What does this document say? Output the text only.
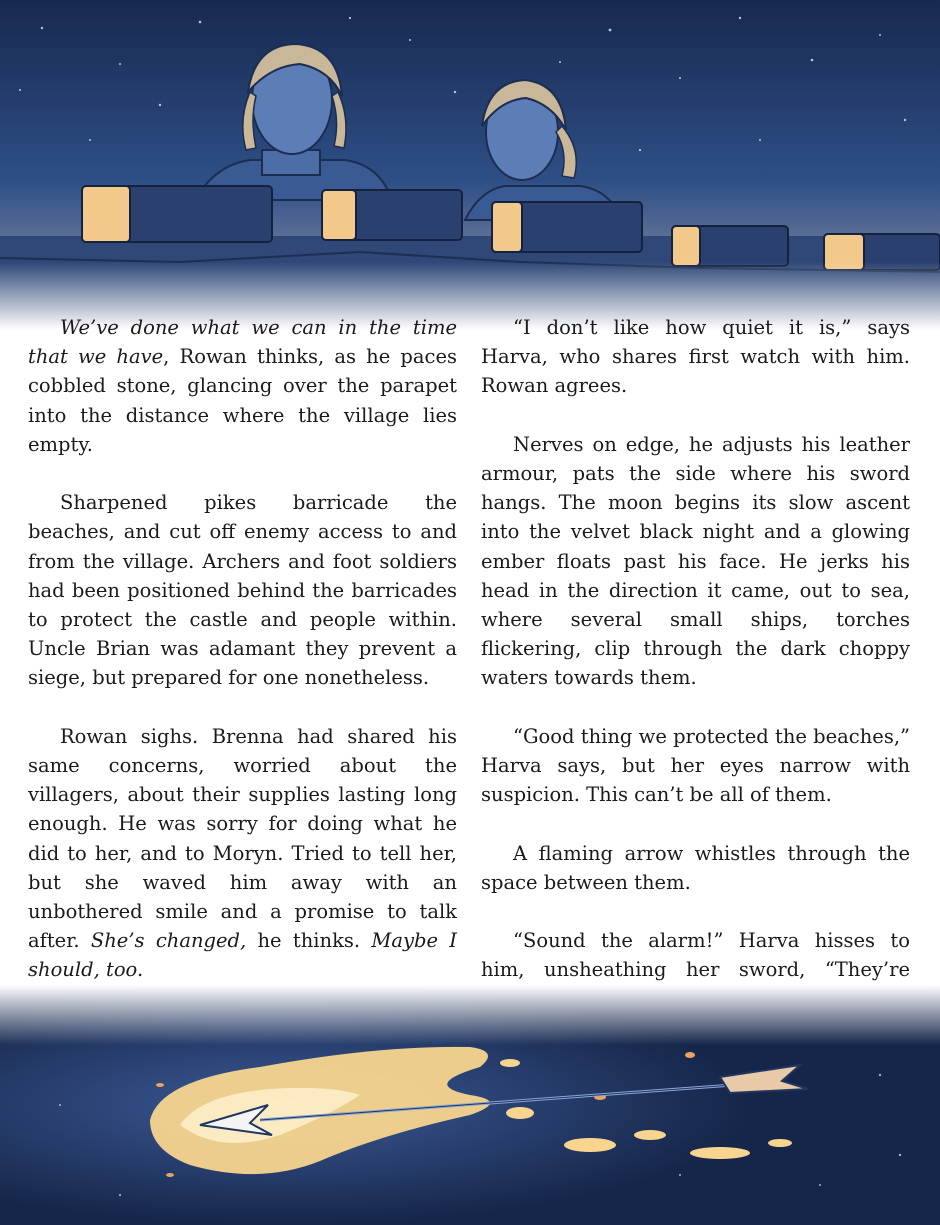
We’ve done what we can in the time that we have, Rowan thinks, as he paces cobbled stone, glancing over the parapet into the distance where the village lies empty.

Sharpened pikes barricade the beaches, and cut off enemy access to and from the village. Archers and foot soldiers had been positioned behind the barricades to protect the castle and people within. Uncle Brian was adamant they prevent a siege, but prepared for one nonetheless.

Rowan sighs. Brenna had shared his same concerns, worried about the villagers, about their supplies lasting long enough. He was sorry for doing what he did to her, and to Moryn. Tried to tell her, but she waved him away with an unbothered smile and a promise to talk after. She’s changed, he thinks. Maybe I should, too.

“I don’t like how quiet it is,” says Harva, who shares first watch with him. Rowan agrees.

Nerves on edge, he adjusts his leather armour, pats the side where his sword hangs. The moon begins its slow ascent into the velvet black night and a glowing ember floats past his face. He jerks his head in the direction it came, out to sea, where several small ships, torches flickering, clip through the dark choppy waters towards them.

“Good thing we protected the beaches,” Harva says, but her eyes narrow with suspicion. This can’t be all of them.

A flaming arrow whistles through the space between them.

“Sound the alarm!” Harva hisses to him, unsheathing her sword, “They’re
